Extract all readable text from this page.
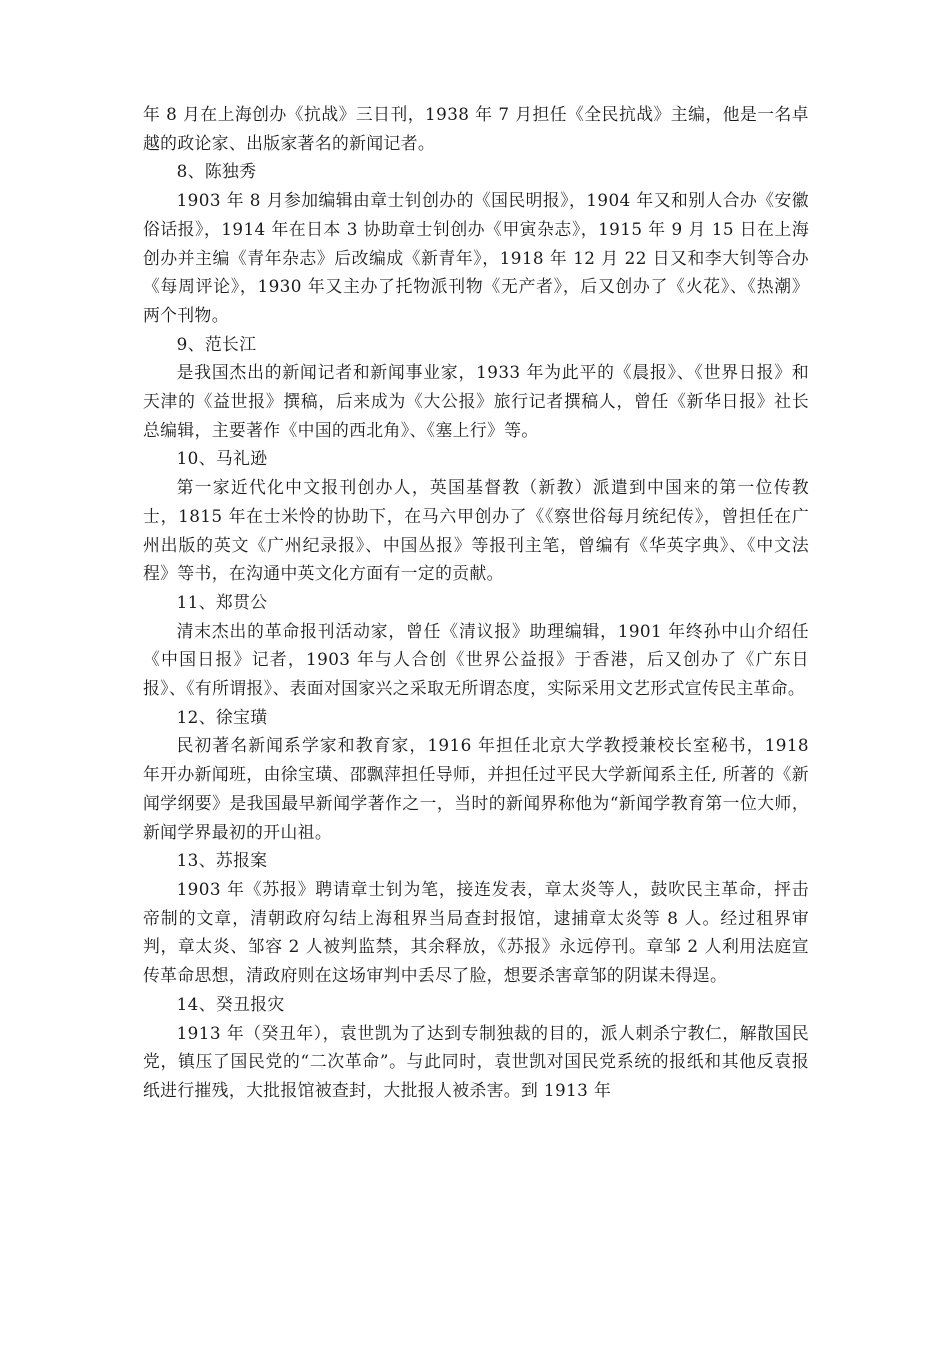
年 8 月在上海创办《抗战》三日刊，1938 年 7 月担任《全民抗战》主编，他是一名卓越的政论家、出版家著名的新闻记者。

8、陈独秀

1903 年 8 月参加编辑由章士钊创办的《国民明报》，1904 年又和别人合办《安徽俗话报》，1914 年在日本 3 协助章士钊创办《甲寅杂志》，1915 年 9 月 15 日在上海创办并主编《青年杂志》后改编成《新青年》，1918 年 12 月 22 日又和李大钊等合办《每周评论》，1930 年又主办了托物派刊物《无产者》，后又创办了《火花》、《热潮》两个刊物。

9、范长江

是我国杰出的新闻记者和新闻事业家，1933 年为此平的《晨报》、《世界日报》和天津的《益世报》撰稿，后来成为《大公报》旅行记者撰稿人，曾任《新华日报》社长总编辑，主要著作《中国的西北角》、《塞上行》等。

10、马礼逊

第一家近代化中文报刊创办人，英国基督教（新教）派遣到中国来的第一位传教士，1815 年在士米怜的协助下，在马六甲创办了《《察世俗每月统纪传》，曾担任在广州出版的英文《广州纪录报》、中国丛报》等报刊主笔，曾编有《华英字典》、《中文法程》等书，在沟通中英文化方面有一定的贡献。

11、郑贯公

清末杰出的革命报刊活动家，曾任《清议报》助理编辑，1901 年终孙中山介绍任《中国日报》记者，1903 年与人合创《世界公益报》于香港，后又创办了《广东日报》、《有所谓报》、表面对国家兴之采取无所谓态度，实际采用文艺形式宣传民主革命。

12、徐宝璜

民初著名新闻系学家和教育家，1916 年担任北京大学教授兼校长室秘书，1918 年开办新闻班，由徐宝璜、邵飘萍担任导师，并担任过平民大学新闻系主任, 所著的《新闻学纲要》是我国最早新闻学著作之一，当时的新闻界称他为“新闻学教育第一位大师，新闻学界最初的开山祖。

13、苏报案

1903 年《苏报》聘请章士钊为笔，接连发表，章太炎等人，鼓吹民主革命，抨击帝制的文章，清朝政府勾结上海租界当局查封报馆，逮捕章太炎等 8 人。经过租界审判，章太炎、邹容 2 人被判监禁，其余释放，《苏报》永远停刊。章邹 2 人利用法庭宣传革命思想，清政府则在这场审判中丢尽了脸，想要杀害章邹的阴谋未得逞。

14、癸丑报灾

1913 年（癸丑年），袁世凯为了达到专制独裁的目的，派人刺杀宁教仁，解散国民党，镇压了国民党的“二次革命”。与此同时，袁世凯对国民党系统的报纸和其他反袁报纸进行摧残，大批报馆被查封，大批报人被杀害。到 1913 年
